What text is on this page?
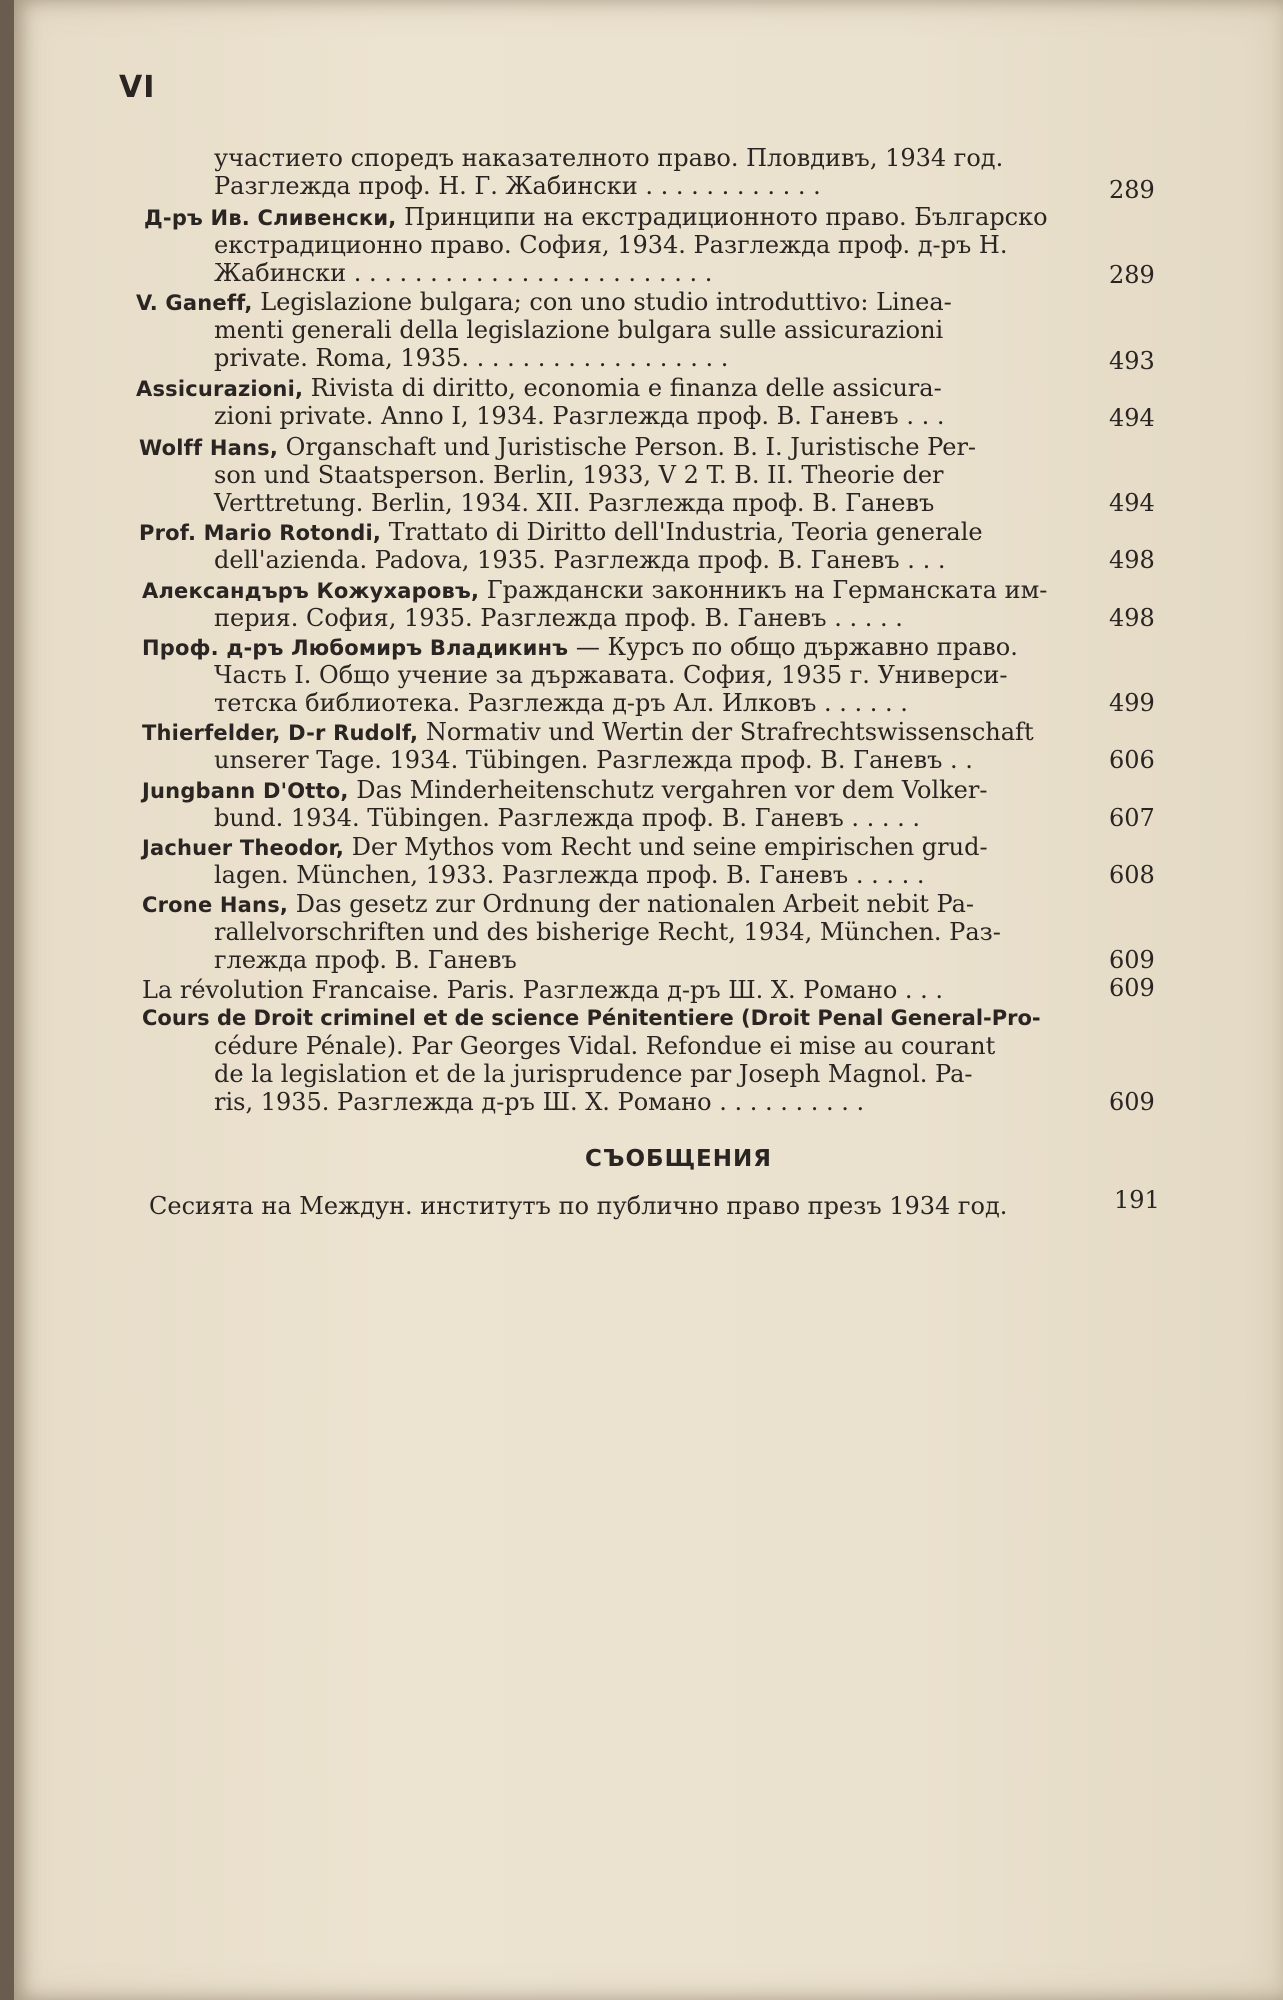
VI
участието споредъ наказателното право. Пловдивъ, 1934 год.
Разглежда проф. Н. Г. Жабински . . . . . . . . . . . .	289
Д-ръ Ив. Сливенски, Принципи на екстрадиционното право. Българско
екстрадиционно право. София, 1934. Разглежда проф. д-ръ Н.
Жабински . . . . . . . . . . . . . . . . . . . . . . . .	289
V. Ganeff, Legislazione bulgara; con uno studio introduttivo: Linea-
menti generali della legislazione bulgara sulle assicurazioni
private. Roma, 1935. . . . . . . . . . . . . . . . . .	493
Assicurazioni, Rivista di diritto, economia e finanza delle assicura-
zioni private. Anno I, 1934. Разглежда проф. В. Ганевъ . . .	494
Wolff Hans, Organschaft und Juristische Person. B. I. Juristische Per-
son und Staatsperson. Berlin, 1933, V 2 T. B. II. Theorie der
Verttretung. Berlin, 1934. XII. Разглежда проф. В. Ганевъ	494
Prof. Mario Rotondi, Trattato di Diritto dell'Industria, Teoria generale
dell'azienda. Padova, 1935. Разглежда проф. В. Ганевъ . . .	498
Александъръ Кожухаровъ, Граждански законникъ на Германската им-
перия. София, 1935. Разглежда проф. В. Ганевъ . . . . .	498
Проф. д-ръ Любомиръ Владикинъ — Курсъ по общо държавно право.
Часть I. Общо учение за държавата. София, 1935 г. Универси-
тетска библиотека. Разглежда д-ръ Ал. Илковъ . . . . . .	499
Thierfelder, D-r Rudolf, Normativ und Wertin der Strafrechtswissenschaft
unserer Tage. 1934. Tübingen. Разглежда проф. В. Ганевъ . .	606
Jungbann D'Otto, Das Minderheitenschutz vergahren vor dem Volker-
bund. 1934. Tübingen. Разглежда проф. В. Ганевъ . . . . .	607
Jachuer Theodor, Der Mythos vom Recht und seine empirischen grud-
lagen. München, 1933. Разглежда проф. В. Ганевъ . . . . .	608
Crone Hans, Das gesetz zur Ordnung der nationalen Arbeit nebit Pa-
rallelvorschriften und des bisherige Recht, 1934, München. Раз-
глежда проф. В. Ганевъ	609
La révolution Francaise. Paris. Разглежда д-ръ Ш. Х. Романо . . .	609
Cours de Droit criminel et de science Pénitentiere (Droit Penal General-Pro-
cédure Pénale). Par Georges Vidal. Refondue ei mise au courant
de la legislation et de la jurisprudence par Joseph Magnol. Pa-
ris, 1935. Разглежда д-ръ Ш. Х. Романо . . . . . . . . . .	609
СЪОБЩЕНИЯ
Сесията на Междун. институтъ по публично право презъ 1934 год.	191
